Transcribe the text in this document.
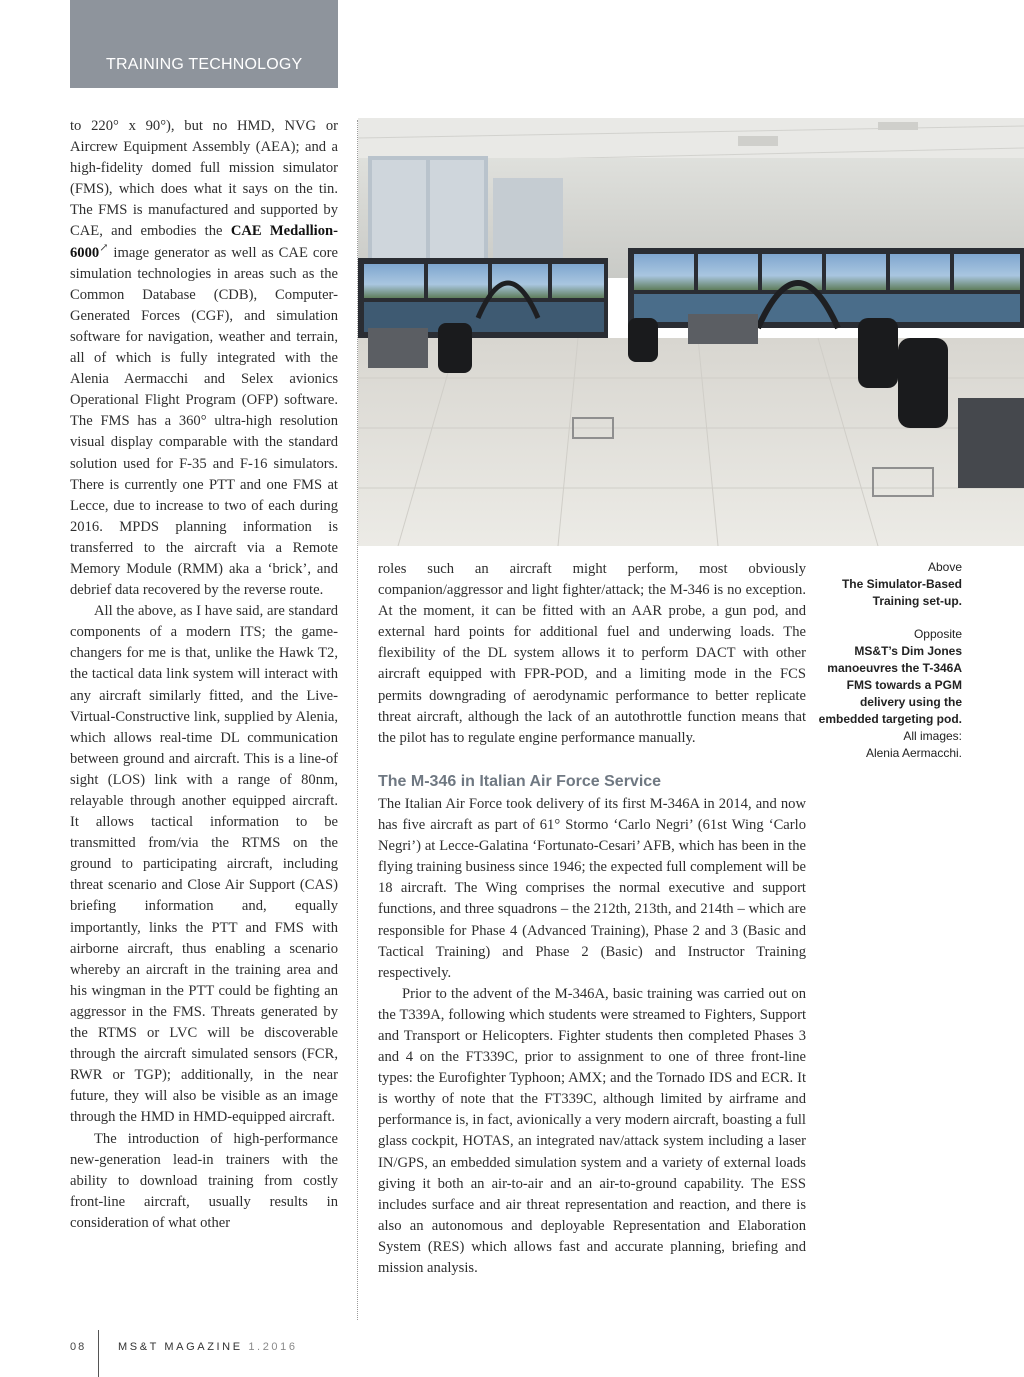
TRAINING TECHNOLOGY

to 220° x 90°), but no HMD, NVG or Aircrew Equipment Assembly (AEA); and a high-fidelity domed full mission simulator (FMS), which does what it says on the tin. The FMS is manufactured and supported by CAE, and embodies the CAE Medallion-6000↗ image generator as well as CAE core simulation technologies in areas such as the Common Database (CDB), Computer-Generated Forces (CGF), and simulation software for navigation, weather and terrain, all of which is fully integrated with the Alenia Aermacchi and Selex avionics Operational Flight Program (OFP) software. The FMS has a 360° ultra-high resolution visual display comparable with the standard solution used for F-35 and F-16 simulators. There is currently one PTT and one FMS at Lecce, due to increase to two of each during 2016. MPDS planning information is transferred to the aircraft via a Remote Memory Module (RMM) aka a ‘brick’, and debrief data recovered by the reverse route.

All the above, as I have said, are standard components of a modern ITS; the game-changers for me is that, unlike the Hawk T2, the tactical data link system will interact with any aircraft similarly fitted, and the Live-Virtual-Constructive link, supplied by Alenia, which allows real-time DL communication between ground and aircraft. This is a line-of sight (LOS) link with a range of 80nm, relayable through another equipped aircraft. It allows tactical information to be transmitted from/via the RTMS on the ground to participating aircraft, including threat scenario and Close Air Support (CAS) briefing information and, equally importantly, links the PTT and FMS with airborne aircraft, thus enabling a scenario whereby an aircraft in the training area and his wingman in the PTT could be fighting an aggressor in the FMS. Threats generated by the RTMS or LVC will be discoverable through the aircraft simulated sensors (FCR, RWR or TGP); additionally, in the near future, they will also be visible as an image through the HMD in HMD-equipped aircraft.

The introduction of high-performance new-generation lead-in trainers with the ability to download training from costly front-line aircraft, usually results in consideration of what other

roles such an aircraft might perform, most obviously companion/aggressor and light fighter/attack; the M-346 is no exception. At the moment, it can be fitted with an AAR probe, a gun pod, and external hard points for additional fuel and underwing loads. The flexibility of the DL system allows it to perform DACT with other aircraft equipped with FPR-POD, and a limiting mode in the FCS permits downgrading of aerodynamic performance to better replicate threat aircraft, although the lack of an autothrottle function means that the pilot has to regulate engine performance manually.

The M-346 in Italian Air Force Service

The Italian Air Force took delivery of its first M-346A in 2014, and now has five aircraft as part of 61° Stormo ‘Carlo Negri’ (61st Wing ‘Carlo Negri’) at Lecce-Galatina ‘Fortunato-Cesari’ AFB, which has been in the flying training business since 1946; the expected full complement will be 18 aircraft. The Wing comprises the normal executive and support functions, and three squadrons – the 212th, 213th, and 214th – which are responsible for Phase 4 (Advanced Training), Phase 2 and 3 (Basic and Tactical Training) and Phase 2 (Basic) and Instructor Training respectively.

Prior to the advent of the M-346A, basic training was carried out on the T339A, following which students were streamed to Fighters, Support and Transport or Helicopters. Fighter students then completed Phases 3 and 4 on the FT339C, prior to assignment to one of three front-line types: the Eurofighter Typhoon; AMX; and the Tornado IDS and ECR. It is worthy of note that the FT339C, although limited by airframe and performance is, in fact, avionically a very modern aircraft, boasting a full glass cockpit, HOTAS, an integrated nav/attack system including a laser IN/GPS, an embedded simulation system and a variety of external loads giving it both an air-to-air and an air-to-ground capability. The ESS includes surface and air threat representation and reaction, and there is also an autonomous and deployable Representation and Elaboration System (RES) which allows fast and accurate planning, briefing and mission analysis.

Above
The Simulator-Based Training set-up.
Opposite
MS&T’s Dim Jones manoeuvres the T-346A FMS towards a PGM delivery using the embedded targeting pod.
All images:
Alenia Aermacchi.
08	MS&T MAGAZINE 1.2016
